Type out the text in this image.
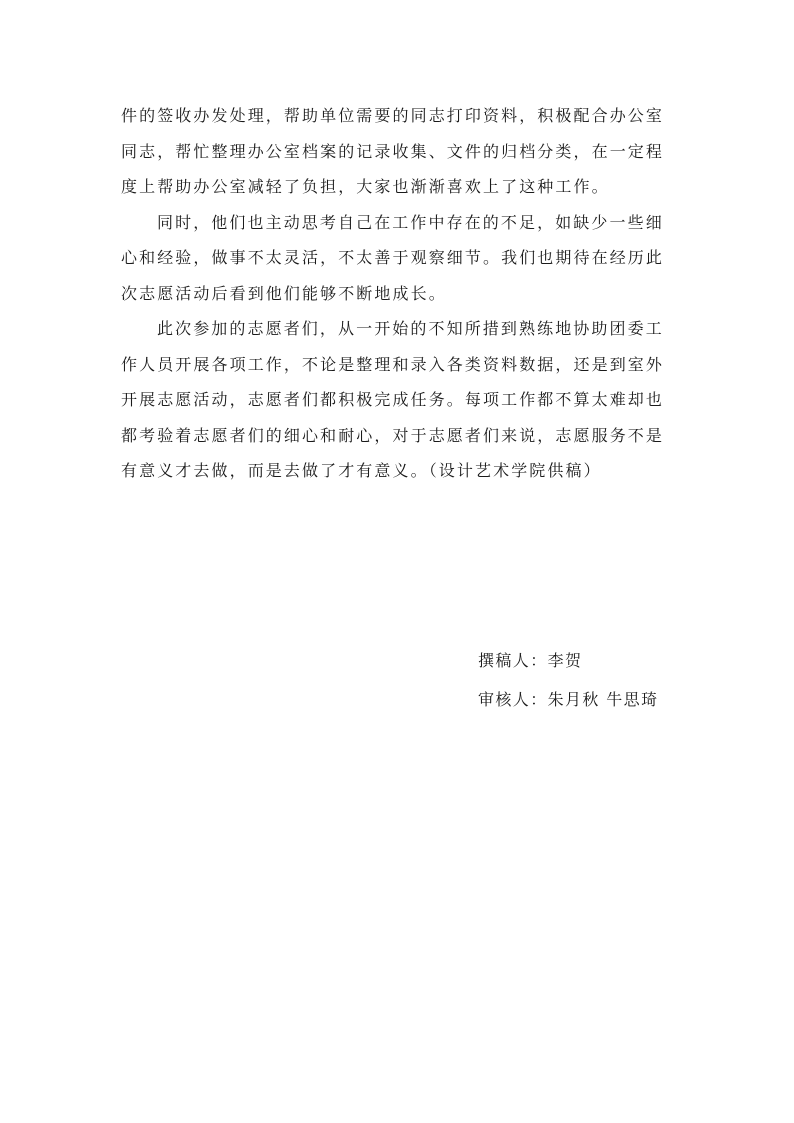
件的签收办发处理，帮助单位需要的同志打印资料，积极配合办公室同志，帮忙整理办公室档案的记录收集、文件的归档分类，在一定程度上帮助办公室减轻了负担，大家也渐渐喜欢上了这种工作。

同时，他们也主动思考自己在工作中存在的不足，如缺少一些细心和经验，做事不太灵活，不太善于观察细节。我们也期待在经历此次志愿活动后看到他们能够不断地成长。

此次参加的志愿者们，从一开始的不知所措到熟练地协助团委工作人员开展各项工作，不论是整理和录入各类资料数据，还是到室外开展志愿活动，志愿者们都积极完成任务。每项工作都不算太难却也都考验着志愿者们的细心和耐心，对于志愿者们来说，志愿服务不是有意义才去做，而是去做了才有意义。（设计艺术学院供稿）

撰稿人：李贺
审核人：朱月秋 牛思琦
